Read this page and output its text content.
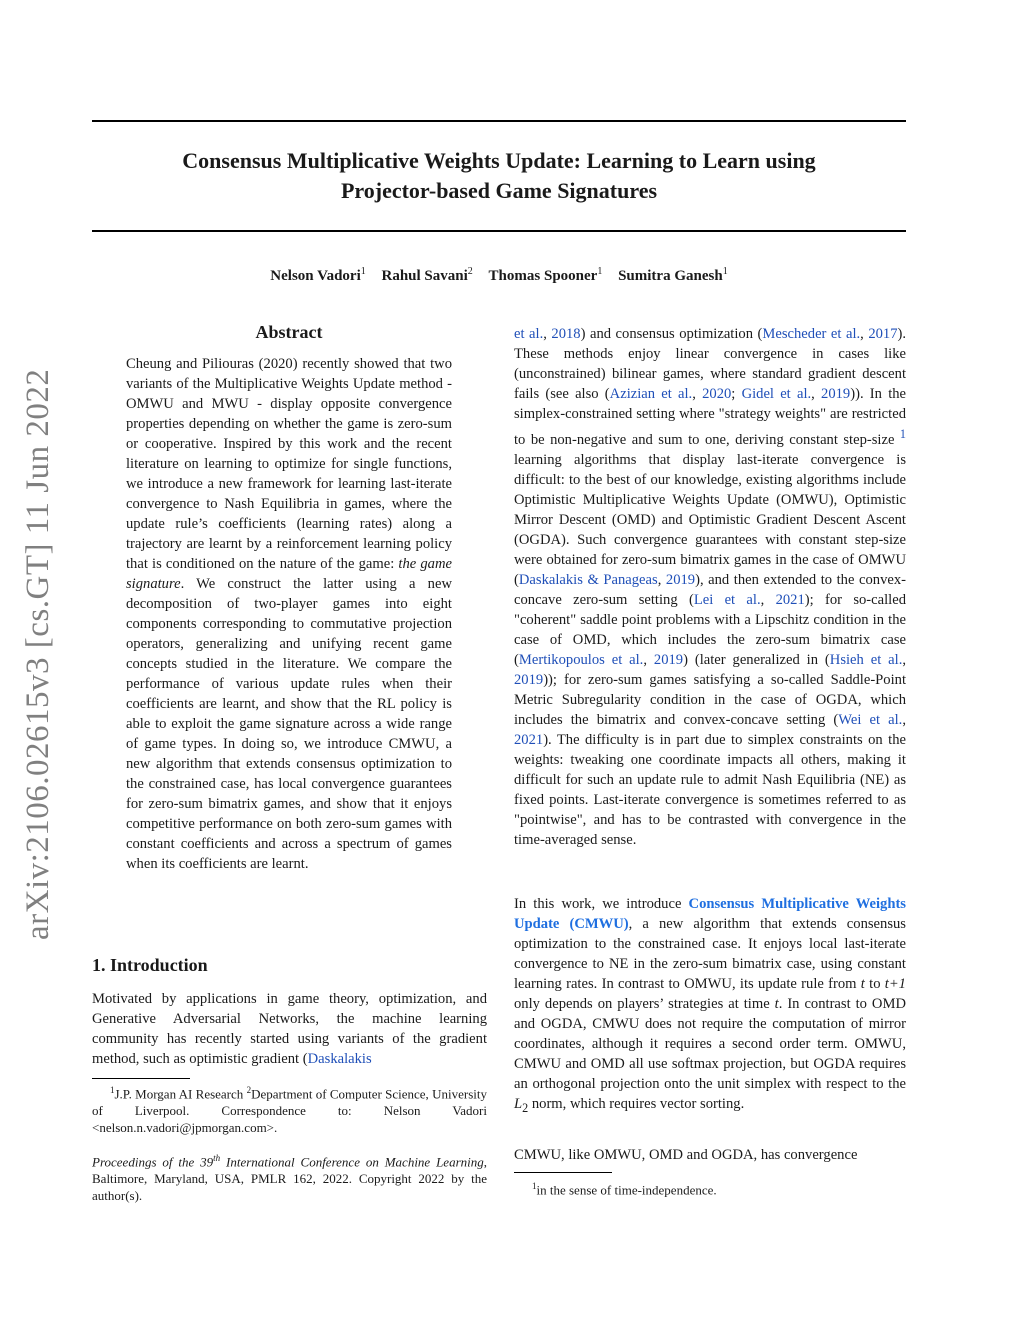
arXiv:2106.02615v3 [cs.GT] 11 Jun 2022
Consensus Multiplicative Weights Update: Learning to Learn using
Projector-based Game Signatures
Nelson Vadori$^1$ Rahul Savani$^2$ Thomas Spooner$^1$ Sumitra Ganesh$^1$
Abstract

Cheung and Piliouras (2020) recently showed that two variants of the Multiplicative Weights Update method - OMWU and MWU - display opposite convergence properties depending on whether the game is zero-sum or cooperative. Inspired by this work and the recent literature on learning to optimize for single functions, we introduce a new framework for learning last-iterate convergence to Nash Equilibria in games, where the update rule’s coefficients (learning rates) along a trajectory are learnt by a reinforcement learning policy that is conditioned on the nature of the game: the game signature. We construct the latter using a new decomposition of two-player games into eight components corresponding to commutative projection operators, generalizing and unifying recent game concepts studied in the literature. We compare the performance of various update rules when their coefficients are learnt, and show that the RL policy is able to exploit the game signature across a wide range of game types. In doing so, we introduce CMWU, a new algorithm that extends consensus optimization to the constrained case, has local convergence guarantees for zero-sum bimatrix games, and show that it enjoys competitive performance on both zero-sum games with constant coefficients and across a spectrum of games when its coefficients are learnt.

1. Introduction

Motivated by applications in game theory, optimization, and Generative Adversarial Networks, the machine learning community has recently started using variants of the gradient method, such as optimistic gradient (Daskalakis

$^1$J.P. Morgan AI Research $^2$Department of Computer Science, University of Liverpool. Correspondence to: Nelson Vadori <nelson.n.vadori@jpmorgan.com>.

Proceedings of the 39th International Conference on Machine Learning, Baltimore, Maryland, USA, PMLR 162, 2022. Copyright 2022 by the author(s).

et al., 2018) and consensus optimization (Mescheder et al., 2017). These methods enjoy linear convergence in cases like (unconstrained) bilinear games, where standard gradient descent fails (see also (Azizian et al., 2020; Gidel et al., 2019)). In the simplex-constrained setting where "strategy weights" are restricted to be non-negative and sum to one, deriving constant step-size $^1$ learning algorithms that display last-iterate convergence is difficult: to the best of our knowledge, existing algorithms include Optimistic Multiplicative Weights Update (OMWU), Optimistic Mirror Descent (OMD) and Optimistic Gradient Descent Ascent (OGDA). Such convergence guarantees with constant step-size were obtained for zero-sum bimatrix games in the case of OMWU (Daskalakis & Panageas, 2019), and then extended to the convex-concave zero-sum setting (Lei et al., 2021); for so-called "coherent" saddle point problems with a Lipschitz condition in the case of OMD, which includes the zero-sum bimatrix case (Mertikopoulos et al., 2019) (later generalized in (Hsieh et al., 2019)); for zero-sum games satisfying a so-called Saddle-Point Metric Subregularity condition in the case of OGDA, which includes the bimatrix and convex-concave setting (Wei et al., 2021). The difficulty is in part due to simplex constraints on the weights: tweaking one coordinate impacts all others, making it difficult for such an update rule to admit Nash Equilibria (NE) as fixed points. Last-iterate convergence is sometimes referred to as "pointwise", and has to be contrasted with convergence in the time-averaged sense.

In this work, we introduce Consensus Multiplicative Weights Update (CMWU), a new algorithm that extends consensus optimization to the constrained case. It enjoys local last-iterate convergence to NE in the zero-sum bimatrix case, using constant learning rates. In contrast to OMWU, its update rule from t to t+1 only depends on players’ strategies at time t. In contrast to OMD and OGDA, CMWU does not require the computation of mirror coordinates, although it requires a second order term. OMWU, CMWU and OMD all use softmax projection, but OGDA requires an orthogonal projection onto the unit simplex with respect to the $L_2$ norm, which requires vector sorting.

CMWU, like OMWU, OMD and OGDA, has convergence

$^1$in the sense of time-independence.
